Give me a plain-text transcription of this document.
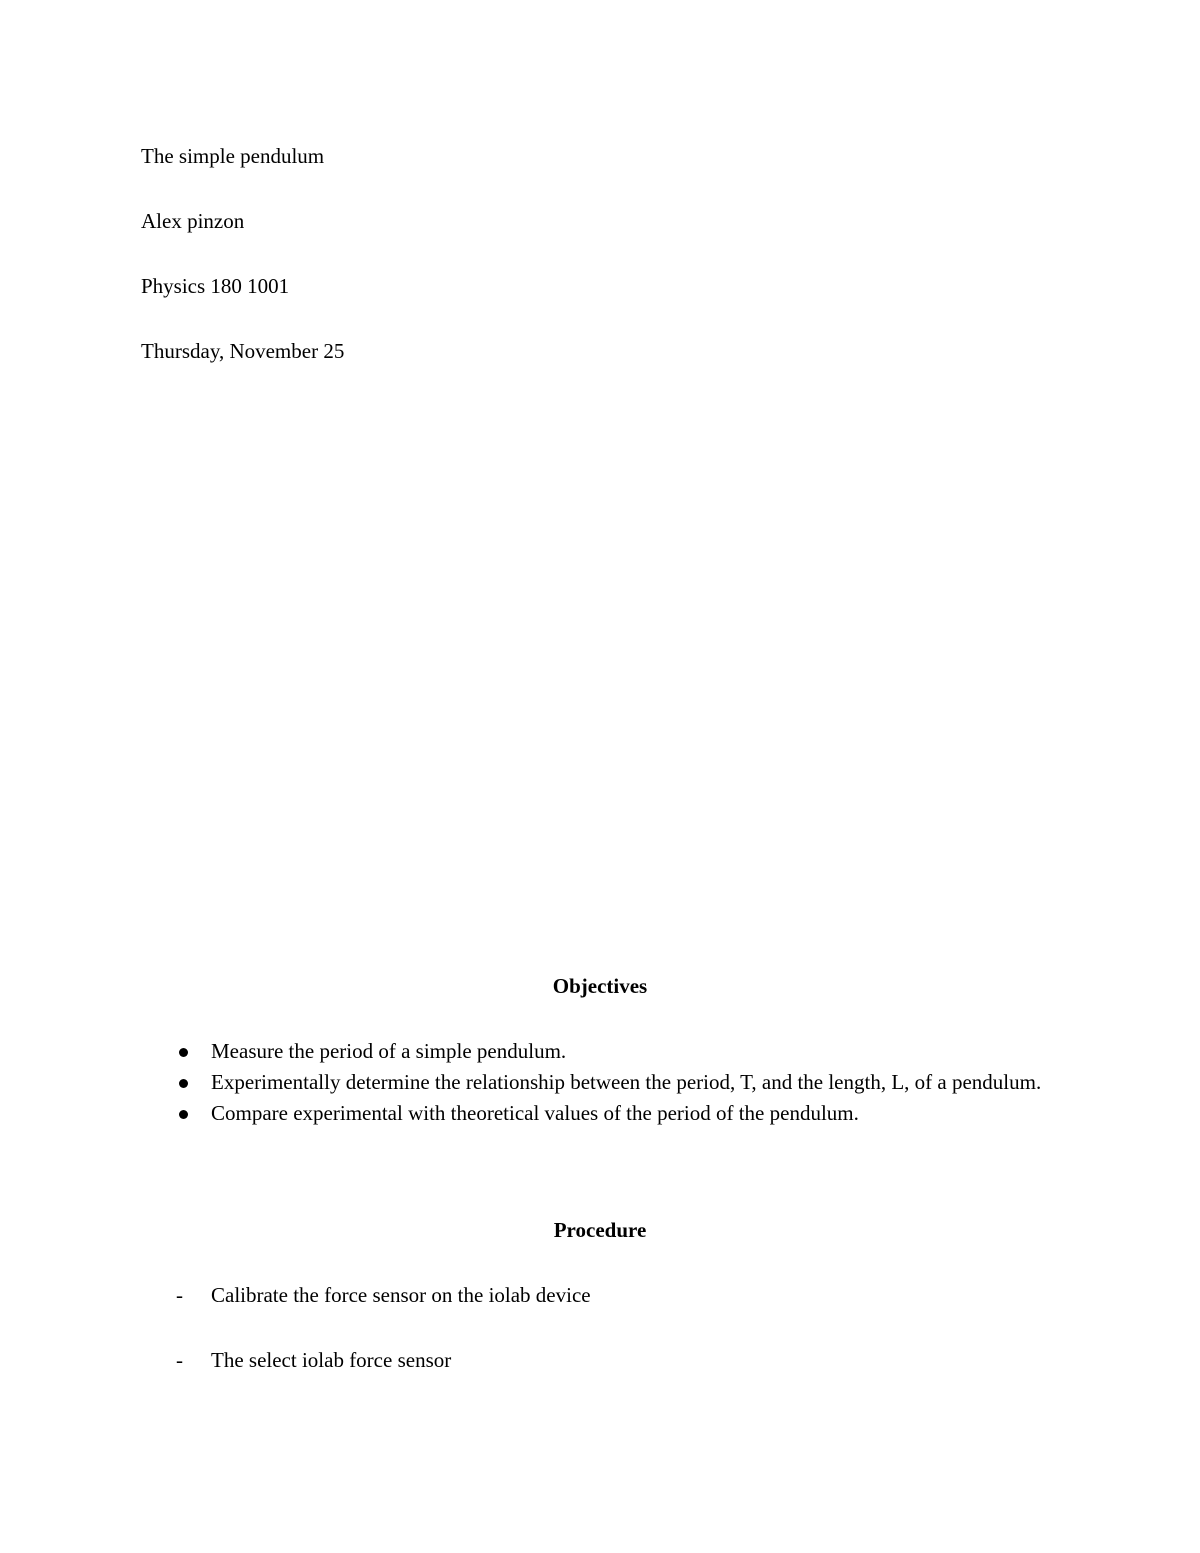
The simple pendulum
Alex pinzon
Physics 180 1001
Thursday, November 25
Objectives
Measure the period of a simple pendulum.
Experimentally determine the relationship between the period, T, and the length, L, of a pendulum.
Compare experimental with theoretical values of the period of the pendulum.
Procedure
- Calibrate the force sensor on the iolab device
- The select iolab force sensor
